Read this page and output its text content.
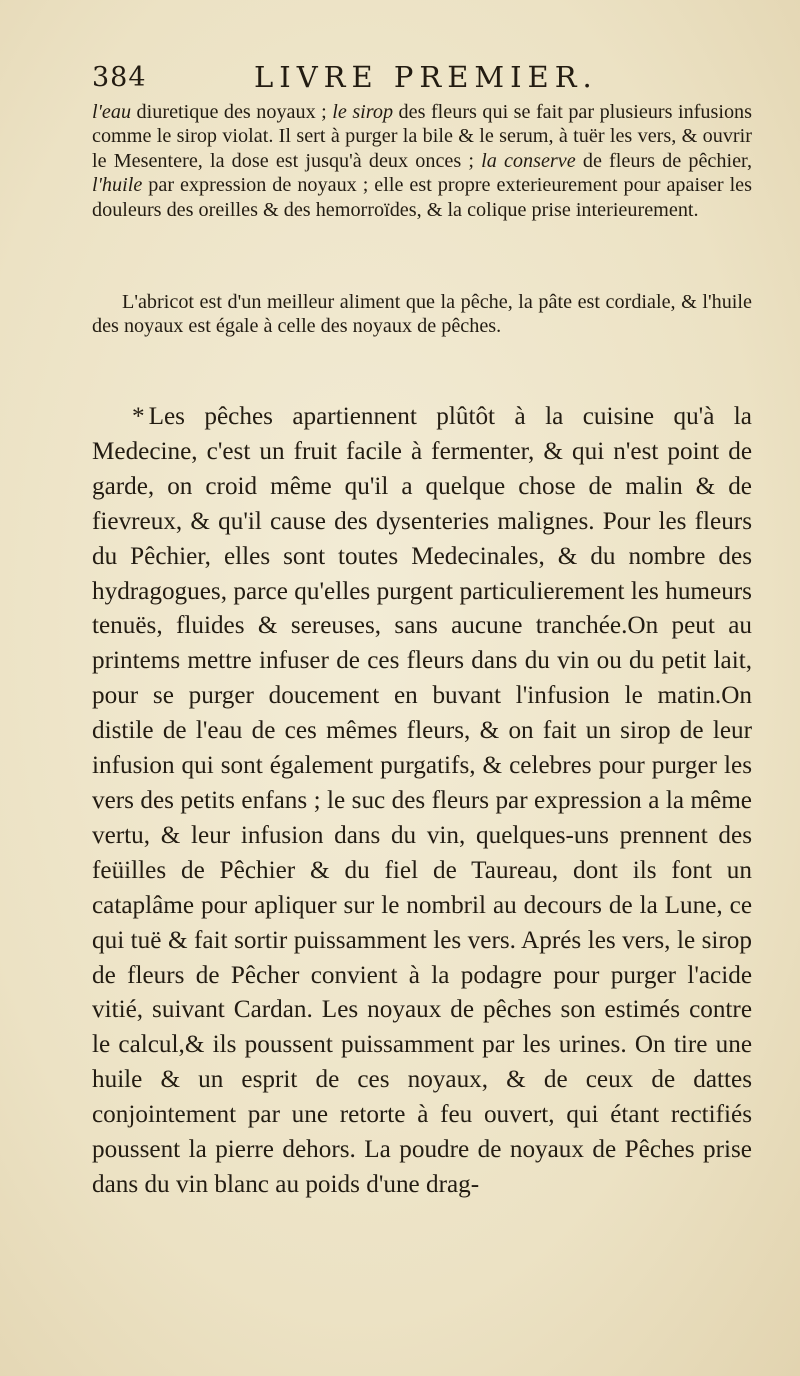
384	LIVRE PREMIER.
l'eau diuretique des noyaux ; le sirop des fleurs qui se fait par plusieurs infusions comme le sirop violat. Il sert à purger la bile & le serum, à tuër les vers, & ouvrir le Mesentere, la dose est jusqu'à deux onces ; la conserve de fleurs de pêchier, l'huile par expression de noyaux ; elle est propre exterieurement pour apaiser les douleurs des oreilles & des hemorroïdes, & la colique prise interieurement.
L'abricot est d'un meilleur aliment que la pêche, la pâte est cordiale, & l'huile des noyaux est égale à celle des noyaux de pêches.
* Les pêches apartiennent plûtôt à la cuisine qu'à la Medecine, c'est un fruit facile à fermenter, & qui n'est point de garde, on croid même qu'il a quelque chose de malin & de fievreux, & qu'il cause des dysenteries malignes. Pour les fleurs du Pêchier, elles sont toutes Medecinales, & du nombre des hydragogues, parce qu'elles purgent particulierement les humeurs tenuës, fluides & sereuses, sans aucune tranchée.On peut au printems mettre infuser de ces fleurs dans du vin ou du petit lait, pour se purger doucement en buvant l'infusion le matin.On distile de l'eau de ces mêmes fleurs, & on fait un sirop de leur infusion qui sont également purgatifs, & celebres pour purger les vers des petits enfans ; le suc des fleurs par expression a la même vertu, & leur infusion dans du vin, quelques-uns prennent des feüilles de Pêchier & du fiel de Taureau, dont ils font un cataplâme pour apliquer sur le nombril au decours de la Lune, ce qui tuë & fait sortir puissamment les vers. Aprés les vers, le sirop de fleurs de Pêcher convient à la podagre pour purger l'acide vitié, suivant Cardan. Les noyaux de pêches son estimés contre le calcul,& ils poussent puissamment par les urines. On tire une huile & un esprit de ces noyaux, & de ceux de dattes conjointement par une retorte à feu ouvert, qui étant rectifiés poussent la pierre dehors. La poudre de noyaux de Pêches prise dans du vin blanc au poids d'une drag-
